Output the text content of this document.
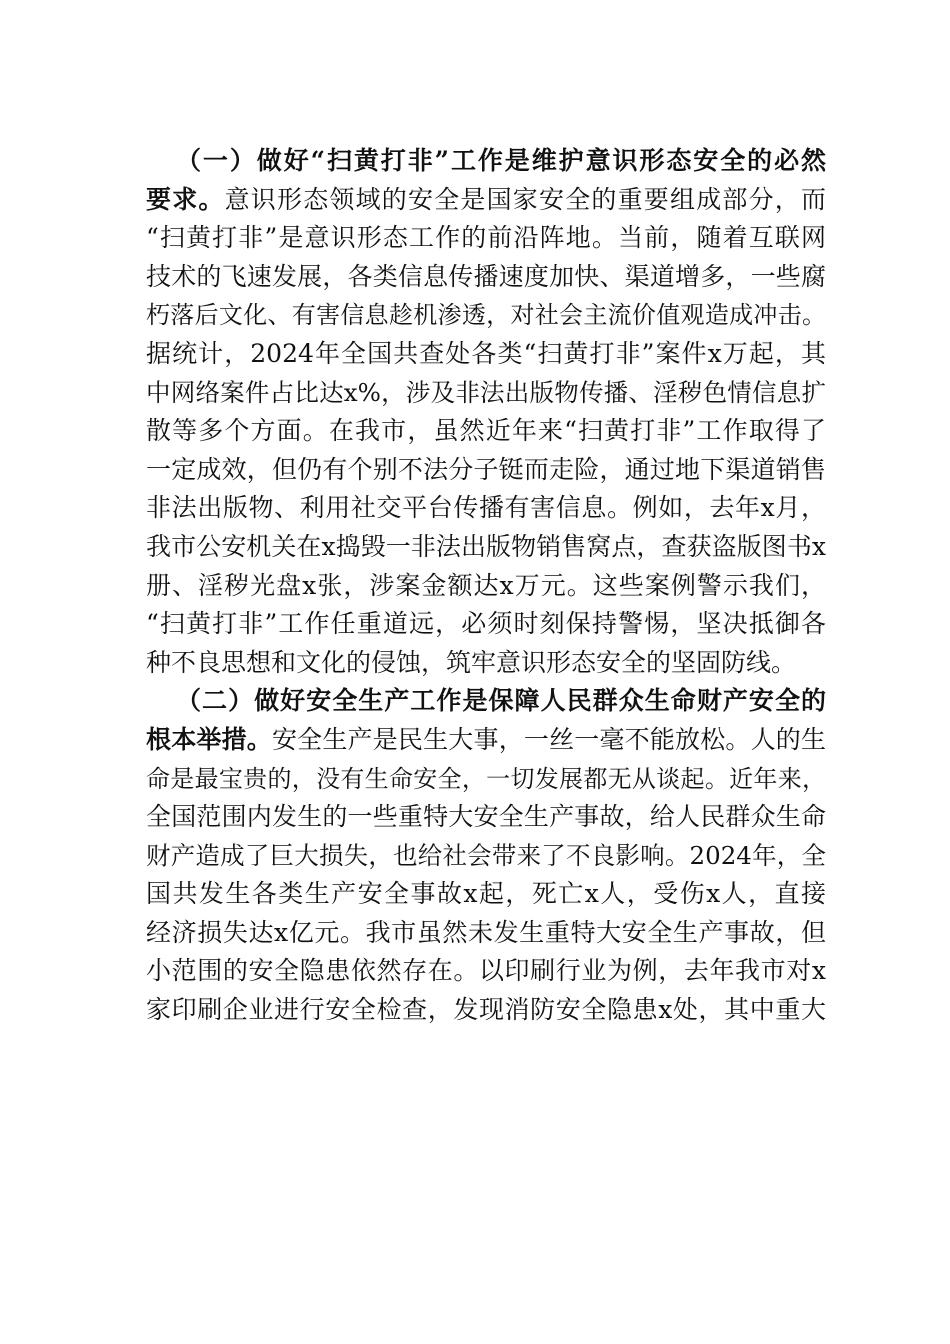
（一）做好“扫黄打非”工作是维护意识形态安全的必然
要求。意识形态领域的安全是国家安全的重要组成部分，而
“扫黄打非”是意识形态工作的前沿阵地。当前，随着互联网
技术的飞速发展，各类信息传播速度加快、渠道增多，一些腐
朽落后文化、有害信息趁机渗透，对社会主流价值观造成冲击。
据统计，2024年全国共查处各类“扫黄打非”案件x万起，其
中网络案件占比达x%，涉及非法出版物传播、淫秽色情信息扩
散等多个方面。在我市，虽然近年来“扫黄打非”工作取得了
一定成效，但仍有个别不法分子铤而走险，通过地下渠道销售
非法出版物、利用社交平台传播有害信息。例如，去年x月，
我市公安机关在x捣毁一非法出版物销售窝点，查获盗版图书x
册、淫秽光盘x张，涉案金额达x万元。这些案例警示我们，
“扫黄打非”工作任重道远，必须时刻保持警惕，坚决抵御各
种不良思想和文化的侵蚀，筑牢意识形态安全的坚固防线。
（二）做好安全生产工作是保障人民群众生命财产安全的
根本举措。安全生产是民生大事，一丝一毫不能放松。人的生
命是最宝贵的，没有生命安全，一切发展都无从谈起。近年来，
全国范围内发生的一些重特大安全生产事故，给人民群众生命
财产造成了巨大损失，也给社会带来了不良影响。2024年，全
国共发生各类生产安全事故x起，死亡x人，受伤x人，直接
经济损失达x亿元。我市虽然未发生重特大安全生产事故，但
小范围的安全隐患依然存在。以印刷行业为例，去年我市对x
家印刷企业进行安全检查，发现消防安全隐患x处，其中重大
